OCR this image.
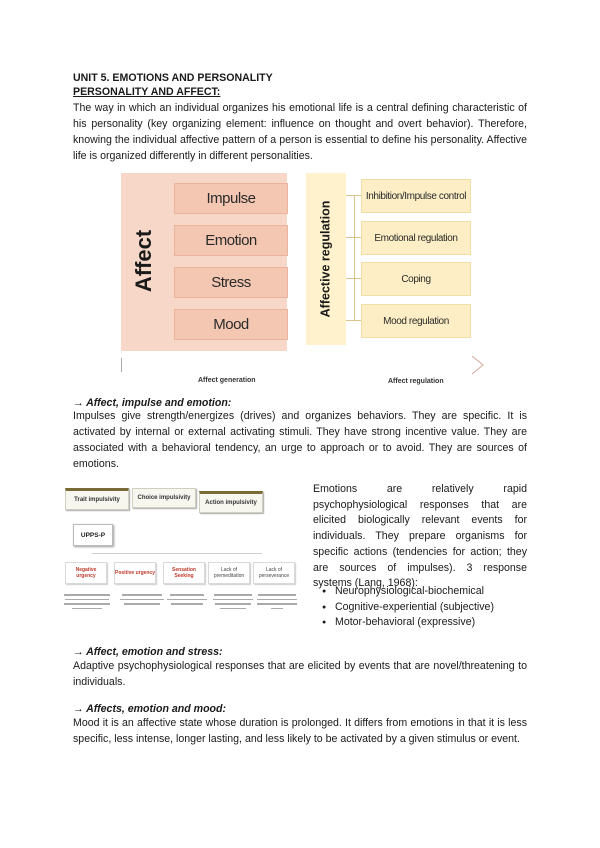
UNIT 5. EMOTIONS AND PERSONALITY
PERSONALITY AND AFFECT:
The way in which an individual organizes his emotional life is a central defining characteristic of his personality (key organizing element: influence on thought and overt behavior). Therefore, knowing the individual affective pattern of a person is essential to define his personality. Affective life is organized differently in different personalities.
Affect
Impulse
Emotion
Stress
Mood
Affective regulation
Inhibition/Impulse control
Emotional regulation
Coping
Mood regulation
Affect generation	Affect regulation
→ Affect, impulse and emotion:
Impulses give strength/energizes (drives) and organizes behaviors. They are specific. It is activated by internal or external activating stimuli. They have strong incentive value. They are associated with a behavioral tendency, an urge to approach or to avoid. They are sources of emotions.
Trait impulsivity	Choice impulsivity
Action impulsivity
UPPS-P
Negative urgency	Positive urgency	Sensation Seeking
Lack of premeditation
Lack of perseverance
Emotions are relatively rapid psychophysiological responses that are elicited biologically relevant events for individuals. They prepare organisms for specific actions (tendencies for action; they are sources of impulses). 3 response systems (Lang, 1968):
● Neurophysiological-biochemical
● Cognitive-experiential (subjective)
● Motor-behavioral (expressive)
→ Affect, emotion and stress:
Adaptive psychophysiological responses that are elicited by events that are novel/threatening to individuals.
→ Affects, emotion and mood:
Mood it is an affective state whose duration is prolonged. It differs from emotions in that it is less specific, less intense, longer lasting, and less likely to be activated by a given stimulus or event.
